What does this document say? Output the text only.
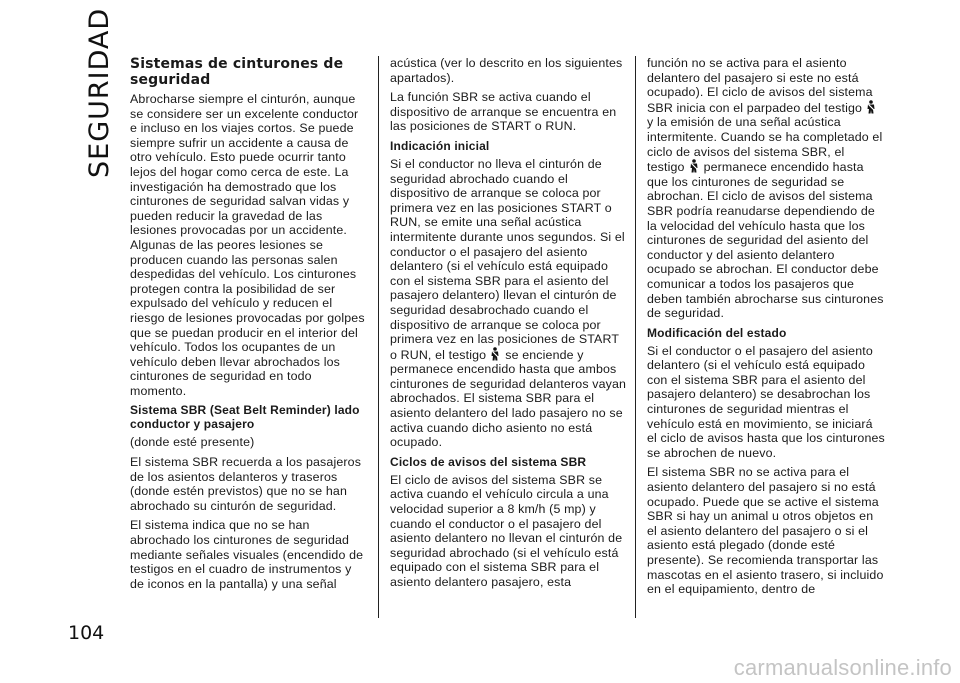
SEGURIDAD
104
Sistemas de cinturones de seguridad

Abrocharse siempre el cinturón, aunque se considere ser un excelente conductor e incluso en los viajes cortos. Se puede siempre sufrir un accidente a causa de otro vehículo. Esto puede ocurrir tanto lejos del hogar como cerca de este. La investigación ha demostrado que los cinturones de seguridad salvan vidas y pueden reducir la gravedad de las lesiones provocadas por un accidente. Algunas de las peores lesiones se producen cuando las personas salen despedidas del vehículo. Los cinturones protegen contra la posibilidad de ser expulsado del vehículo y reducen el riesgo de lesiones provocadas por golpes que se puedan producir en el interior del vehículo. Todos los ocupantes de un vehículo deben llevar abrochados los cinturones de seguridad en todo momento.

Sistema SBR (Seat Belt Reminder) lado conductor y pasajero

(donde esté presente)

El sistema SBR recuerda a los pasajeros de los asientos delanteros y traseros (donde estén previstos) que no se han abrochado su cinturón de seguridad.

El sistema indica que no se han abrochado los cinturones de seguridad mediante señales visuales (encendido de testigos en el cuadro de instrumentos y de iconos en la pantalla) y una señal

acústica (ver lo descrito en los siguientes apartados).

La función SBR se activa cuando el dispositivo de arranque se encuentra en las posiciones de START o RUN.

Indicación inicial

Si el conductor no lleva el cinturón de seguridad abrochado cuando el dispositivo de arranque se coloca por primera vez en las posiciones START o RUN, se emite una señal acústica intermitente durante unos segundos. Si el conductor o el pasajero del asiento delantero (si el vehículo está equipado con el sistema SBR para el asiento del pasajero delantero) llevan el cinturón de seguridad desabrochado cuando el dispositivo de arranque se coloca por primera vez en las posiciones de START o RUN, el testigo se enciende y permanece encendido hasta que ambos cinturones de seguridad delanteros vayan abrochados. El sistema SBR para el asiento delantero del lado pasajero no se activa cuando dicho asiento no está ocupado.

Ciclos de avisos del sistema SBR

El ciclo de avisos del sistema SBR se activa cuando el vehículo circula a una velocidad superior a 8 km/h (5 mp) y cuando el conductor o el pasajero del asiento delantero no llevan el cinturón de seguridad abrochado (si el vehículo está equipado con el sistema SBR para el asiento delantero pasajero, esta

función no se activa para el asiento delantero del pasajero si este no está ocupado). El ciclo de avisos del sistema SBR inicia con el parpadeo del testigo
y la emisión de una señal acústica intermitente. Cuando se ha completado el ciclo de avisos del sistema SBR, el testigo permanece encendido hasta que los cinturones de seguridad se abrochan. El ciclo de avisos del sistema SBR podría reanudarse dependiendo de la velocidad del vehículo hasta que los cinturones de seguridad del asiento del conductor y del asiento delantero ocupado se abrochan. El conductor debe comunicar a todos los pasajeros que deben también abrocharse sus cinturones de seguridad.

Modificación del estado

Si el conductor o el pasajero del asiento delantero (si el vehículo está equipado con el sistema SBR para el asiento del pasajero delantero) se desabrochan los cinturones de seguridad mientras el vehículo está en movimiento, se iniciará el ciclo de avisos hasta que los cinturones se abrochen de nuevo.

El sistema SBR no se activa para el asiento delantero del pasajero si no está ocupado. Puede que se active el sistema SBR si hay un animal u otros objetos en el asiento delantero del pasajero o si el asiento está plegado (donde esté presente). Se recomienda transportar las mascotas en el asiento trasero, si incluido en el equipamiento, dentro de

carmanualsonline.info
